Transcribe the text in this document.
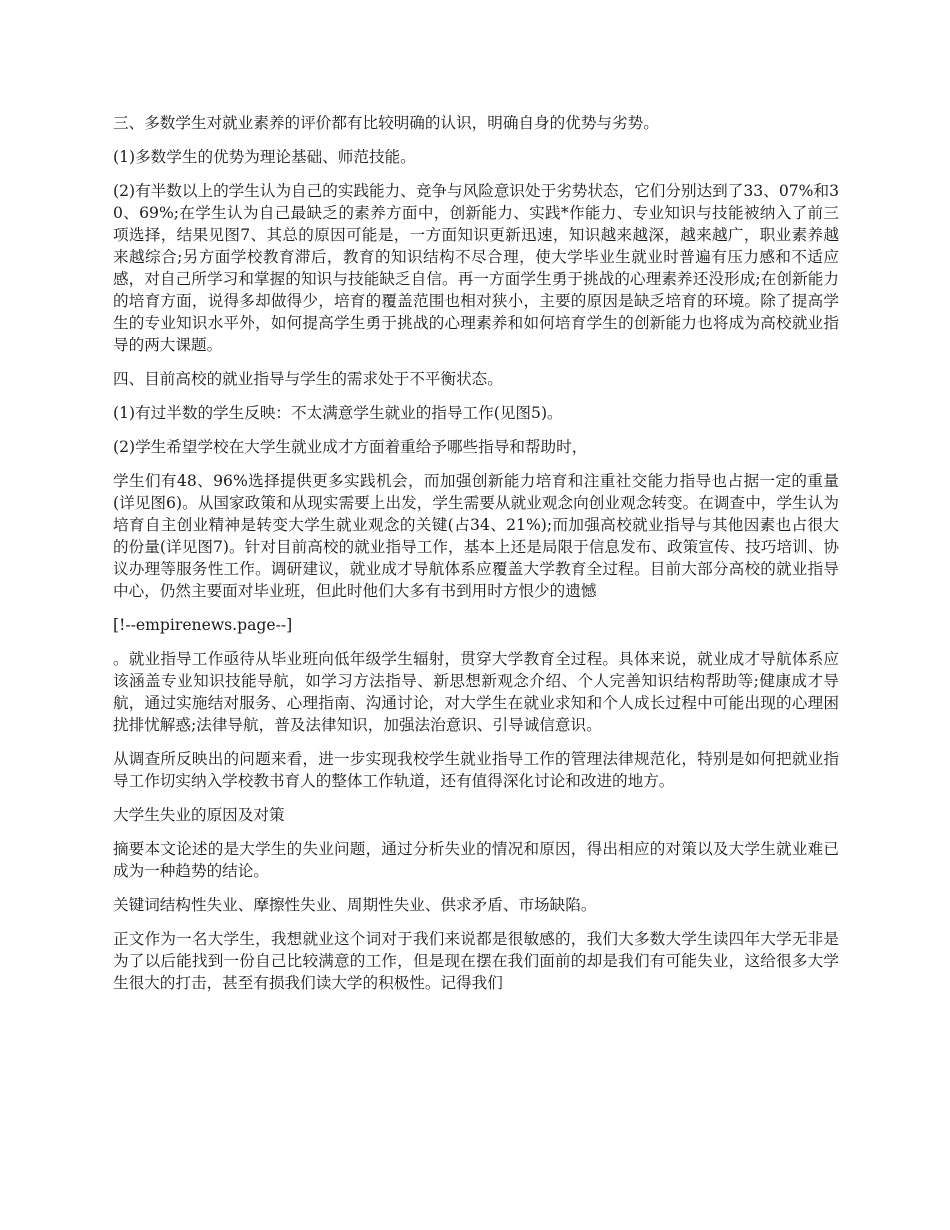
三、多数学生对就业素养的评价都有比较明确的认识，明确自身的优势与劣势。

(1)多数学生的优势为理论基础、师范技能。

(2)有半数以上的学生认为自己的实践能力、竞争与风险意识处于劣势状态，它们分别达到了33、07%和30、69%;在学生认为自己最缺乏的素养方面中，创新能力、实践*作能力、专业知识与技能被纳入了前三项选择，结果见图7、其总的原因可能是，一方面知识更新迅速，知识越来越深，越来越广，职业素养越来越综合;另方面学校教育滞后，教育的知识结构不尽合理，使大学毕业生就业时普遍有压力感和不适应感，对自己所学习和掌握的知识与技能缺乏自信。再一方面学生勇于挑战的心理素养还没形成;在创新能力的培育方面，说得多却做得少，培育的覆盖范围也相对狭小，主要的原因是缺乏培育的环境。除了提高学生的专业知识水平外，如何提高学生勇于挑战的心理素养和如何培育学生的创新能力也将成为高校就业指导的两大课题。

四、目前高校的就业指导与学生的需求处于不平衡状态。

(1)有过半数的学生反映：不太满意学生就业的指导工作(见图5)。

(2)学生希望学校在大学生就业成才方面着重给予哪些指导和帮助时，

学生们有48、96%选择提供更多实践机会，而加强创新能力培育和注重社交能力指导也占据一定的重量(详见图6)。从国家政策和从现实需要上出发，学生需要从就业观念向创业观念转变。在调查中，学生认为培育自主创业精神是转变大学生就业观念的关键(占34、21%);而加强高校就业指导与其他因素也占很大的份量(详见图7)。针对目前高校的就业指导工作，基本上还是局限于信息发布、政策宣传、技巧培训、协议办理等服务性工作。调研建议，就业成才导航体系应覆盖大学教育全过程。目前大部分高校的就业指导中心，仍然主要面对毕业班，但此时他们大多有书到用时方恨少的遗憾

[!--empirenews.page--]

。就业指导工作亟待从毕业班向低年级学生辐射，贯穿大学教育全过程。具体来说，就业成才导航体系应该涵盖专业知识技能导航，如学习方法指导、新思想新观念介绍、个人完善知识结构帮助等;健康成才导航，通过实施结对服务、心理指南、沟通讨论，对大学生在就业求知和个人成长过程中可能出现的心理困扰排忧解惑;法律导航，普及法律知识，加强法治意识、引导诚信意识。

从调查所反映出的问题来看，进一步实现我校学生就业指导工作的管理法律规范化，特别是如何把就业指导工作切实纳入学校教书育人的整体工作轨道，还有值得深化讨论和改进的地方。

大学生失业的原因及对策

摘要本文论述的是大学生的失业问题，通过分析失业的情况和原因，得出相应的对策以及大学生就业难已成为一种趋势的结论。

关键词结构性失业、摩擦性失业、周期性失业、供求矛盾、市场缺陷。

正文作为一名大学生，我想就业这个词对于我们来说都是很敏感的，我们大多数大学生读四年大学无非是为了以后能找到一份自己比较满意的工作，但是现在摆在我们面前的却是我们有可能失业，这给很多大学生很大的打击，甚至有损我们读大学的积极性。记得我们
